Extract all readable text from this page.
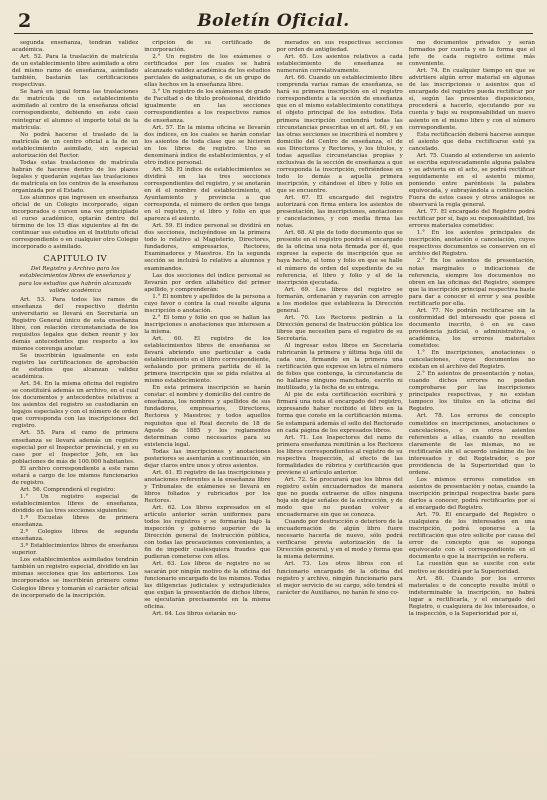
2	Boletín Oficial.

segunda enseñanza, tendrán validez académica.

Art. 52. Para la traslación de matrícula de un establecimiento libre asimilado a otro del mismo ramo de enseñanza, asimilado también, bastarán las certificaciones respectivas.

Se hará en igual forma las traslaciones de matrícula de un establecimiento asimilado al centro de la enseñanza oficial correspondiente, debiendo en este caso reintegrar el alumno el importe total de la matrícula.

No podrá hacerse el traslado de la matrícula de un centro oficial a la de un establecimiento asimilado, sin especial autorización del Rector.

Todas estas traslaciones de matrícula habrán de hacerse dentro de los plazos legales y quedarán sujetas las traslaciones de matrícula en los centros de la enseñanza organizada por el Estado.

Los alumnos que ingresen en enseñanza oficial de un Colegio incorporado, sigan incorporados o cursen una vez principiado el curso académico, optarán dentro del término de los 15 días siguientes al fin de continuar sus estudios en el Instituto oficial correspondiente o en cualquier otro Colegio incorporado o asimilado.

CAPITULO IV

Del Registro y Archivo para los establecimientos libres de enseñanza y para los estudios que habrán alcanzado validez académica

Art. 53. Para todos los ramos de enseñanza del respectivo distrito universitario se llevará en Secretaría un Registro General único de esta enseñanza libre, con relación circunstanciada de los requisitos legales que deben reunir y los demás antecedentes que respecto a los mismos convenga anotar.

Se inscribirán igualmente en este registro las certificaciones de aprobación de estudios que alcanzan validez académica.

Art. 54. En la misma oficina del registro se constituirá además un archivo, en el cual los documentos y antecedentes relativos a los asientos del registro se custodiarán en legajos especiales y con el número de orden que corresponda con las inscripciones del registro.

Art. 55. Para el ramo de primera enseñanza se llevará además un registro especial por el Inspector provincial, y en su caso por el Inspector Jefe, en las poblaciones de más de 100.000 habitantes.

El archivo correspondiente a este ramo estará a cargo de los mismos funcionarios de registro.

Art. 56. Comprenderá el registro:

1.° Un registro especial de establecimientos libres de enseñanza, dividido en las tres secciones siguientes:

1.ª Escuelas libres de primera enseñanza.

2.ª Colegios libres de segunda enseñanza.

3.ª Establecimientos libres de enseñanza superior.

Los establecimientos asimilados tendrán también un registro especial, dividido en las mismas secciones que los anteriores. Los incorporados se inscribirán primero como Colegios libres y tomarán el carácter oficial de incorporado de la inscripción.

cripción de su certificado de incorporación.

2.° Un registro de los exámenes o certificados por los cuales se habrá alcanzado validez académica de los estudios parciales de asignaturas, o de un grupo de ellas hechos en la enseñanza libre.

3.° Un registro de los exámenes de grado de Facultad o de título profesional, dividido igualmente en las secciones correspondientes a los respectivos ramos de enseñanza.

Art. 57. En la misma oficina se llevarán dos índices, en los cuales se harán constar los asientos de toda clase que se hicieren en los libros de registro. Uno se denominará índice de establecimientos, y el otro índice personal.

Art. 58. El índice de establecimientos se dividirá en las tres secciones correspondientes del registro, y se anotarán en él el nombre del establecimiento, el Ayuntamiento y provincia a que corresponda, el número de orden que tenga en el registro, y el libro y folio en que aparezca el asiento.

Art. 59. El índice personal se dividirá en dos secciones, incluyéndose en la primera todo lo relativo al Magisterio, Directores, fundadores, empresarios, Rectores, Examinadores y Maestros. En la segunda sección se incluirá lo relativo a alumnos y examinandos.

Las dos secciones del índice personal se llevarán por orden alfabético del primer apellido, y comprenderán:

1.° El nombre y apellidos de la persona a cuyo favor o contra la cual resulte alguna inscripción o anotación.

2.° El tomo y folio en que se hallan las inscripciones o anotaciones que interesen a la misma.

Art. 60. El registro de los establecimientos libres de enseñanza se llevará abriendo uno particular a cada establecimiento en el libro correspondiente, señalando por primera partida de él la primera inscripción que se pida relativa al mismo establecimiento.

En esta primera inscripción se harán constar: el nombre y domicilio del centro de enseñanza, los nombres y apellidos de sus fundadores, empresarios, Directores, Rectores y Maestros; y todos aquellos requisitos que el Real decreto de 18 de Agosto de 1885 y los reglamentos determinan como necesarios para su existencia legal.

Todas las inscripciones y anotaciones posteriores se asentarán a continuación, sin dejar claros entre unos y otros asientos.

Art. 61. El registro de las inscripciones y anotaciones referentes a la enseñanza libre y Tribunales de exámenes se llevará en libros foliados y rubricados por los Rectores.

Art. 62. Los libros expresados en el artículo anterior serán uniformes para todos los registros y se formarán bajo la inspección y gobierno superior de la Dirección general de Instrucción pública, con todas las precauciones convenientes, a fin de impedir cualesquiera fraudes que pudieran cometerse con ellos.

Art. 63. Los libros de registro no se sacarán por ningún motivo de la oficina del funcionario encargado de los mismos. Todas las diligencias judiciales y extrajudiciales que exijan la presentación de dichos libros, se ejecutarán precisamente en la misma oficina.

Art. 64. Los libros estarán nu-

merados en sus respectivas secciones por orden de antigüedad.

Art. 65. Los asientos relativos a cada establecimiento de enseñanza se numerarán correlativamente.

Art. 66. Cuando un establecimiento libre comprenda varias ramas de enseñanza, se hará su primera inscripción en el registro correspondiente a la sección de enseñanza que en el mismo establecimiento constituya el objeto principal de los estudios. Esta primera inscripción contendrá todas las circunstancias prescritas en el art. 60, y en las otras secciones se inscribirá el nombre y domicilio del Centro de enseñanza, el de sus Directores y Rectores, y los títulos, y todas aquellas circunstancias propias y exclusivas de la sección de enseñanza a que corresponda la inscripción, refiriéndose en todo lo demás a aquella primera inscripción, y citándose el libro y folio en que se encuentre.

Art. 67. El encargado del registro autorizará con firma entera los asientos de presentación, las inscripciones, anotaciones y cancelaciones, y con media firma las notas.

Art. 68. Al pie de todo documento que se presente en el registro pondrá el encargado de la oficina una nota firmada por él, que exprese la especie de inscripción que se haya hecho, el tomo y folio en que se halle el número de orden del expediente de su referencia, el libro y folio y el de la inscripción ejecutada.

Art. 69. Los libros del registro se formarán, ordenarán y rayarán con arreglo a los modelos que establezca la Dirección general.

Art. 70. Los Rectores pedirán a la Dirección general de Instrucción pública los libros que necesiten para el registro de su Secretaría.

Al ingresar estos libros en Secretaría rubricarán la primera y última hoja útil de cada uno, firmando en la primera una certificación que exprese en letra el número de folios que contenga, la circunstancia de no hallarse ninguno manchado, escrito ni inutilizado, y la fecha de su entrega.

Al pie de esta certificación escribirá y firmará una nota el encargado del registro, expresando haber recibido el libro en la forma que conste en la certificación misma. Se estampará además el sello del Rectorado en cada página de los expresados libros.

Art. 71. Los Inspectores del ramo de primera enseñanza remitirán a los Rectores los libros correspondientes al registro de su respectiva Inspección, al efecto de las formalidades de rúbrica y certificación que previene el artículo anterior.

Art. 72. Se procurará que los libros del registro estén encuadernados de manera que no pueda extraerse de ellos ninguna hoja sin dejar señales de la extracción, y de modo que no puedan volver a encuadernarse sin que se conozca.

Cuando por destrucción o deterioro de la encuadernación de algún libro fuere necesario hacerla de nuevo, sólo podrá verificarse previa autorización de la Dirección general, y en el modo y forma que la misma determine.

Art. 73. Los otros libros con el funcionario encargado de la oficina del registro y archivo, ningún funcionario para el mejor servicio de su cargo, sólo tendrá el carácter de Auxiliares, no harán fe sino co-

mo documentos privados y serán formados por cuenta y en la forma que el jefe de cada registro estime más conveniente.

Art. 74. En cualquier tiempo en que se advirtiere algún error material en algunas de las inscripciones o asientos que el encargado del registro pueda rectificar por sí, según las presentes disposiciones, procederá a hacerlo, ejecutando por su cuenta y bajo su responsabilidad un nuevo asiento en el mismo libro y con el número correspondiente.

Esta rectificación deberá hacerse aunque el asiento que deba rectificarse esté ya cancelado.

Art. 75. Cuando al extenderse un asiento se escriba equivocadamente alguna palabra y se advierta en el acto, se podrá rectificar seguidamente en el asiento mismo, poniendo entre paréntesis la palabra equivocada, y subrayándola a continuación. Fuera de estos casos y otros análogos se observará la regla general.

Art. 77. El encargado del Registro podrá rectificar por sí, bajo su responsabilidad, los errores materiales cometidos:

1.° En los asientos principales de inscripción, anotación o cancelación, cuyos respectivos documentos se conserven en el archivo del Registro.

2.° En los asientos de presentación, notas marginales o indicaciones de referencia, siempre los documentos no obren en las oficinas del Registro, siempre que la inscripción principal respectiva baste para dar a conocer el error y sea posible rectificarlo por ella.

Art. 77. No podrán rectificarse sin la conformidad del interesado que posea el documento inscrito, ó en su caso providencia judicial, o administrativa, o académica, los errores materiales cometidos:

1.° En inscripciones, anotaciones o cancelaciones, cuyos documentos no existan en el archivo del Registro.

2.° En asientos de presentación y notas, cuando dichos errores no puedan comprobarse por las inscripciones principales respectivas, y no existan tampoco los títulos en la oficina del Registro.

Art. 78. Los errores de concepto cometidos en inscripciones, anotaciones o cancelaciones, o en otros asientos referentes a ellas, cuando no resulten claramente de las mismas, no se rectificarán sin el acuerdo unánime de los interesados y del Registrador, o por providencia de la Superioridad que lo ordene.

Los mismos errores cometidos en asientos de presentación y notas, cuando la inscripción principal respectiva baste para darlos a conocer, podrá rectificarlos por sí el encargado del Registro.

Art. 79. El encargado del Registro o cualquiera de los interesados en una inscripción, podrá oponerse a la rectificación que otro solicite por causa del error de concepto que se suponga equivocado con el correspondiente en el documento o que la inscripción se refiera.

La cuestión que se suscite con este motivo se decidirá por la Superioridad.

Art. 80. Cuando por los errores materiales o de concepto resulte inútil o indeterminable la inscripción, no habrá lugar a rectificarla, y el encargado del Registro, o cualquiera de los interesados, o la inspección, o la Superioridad por sí,
